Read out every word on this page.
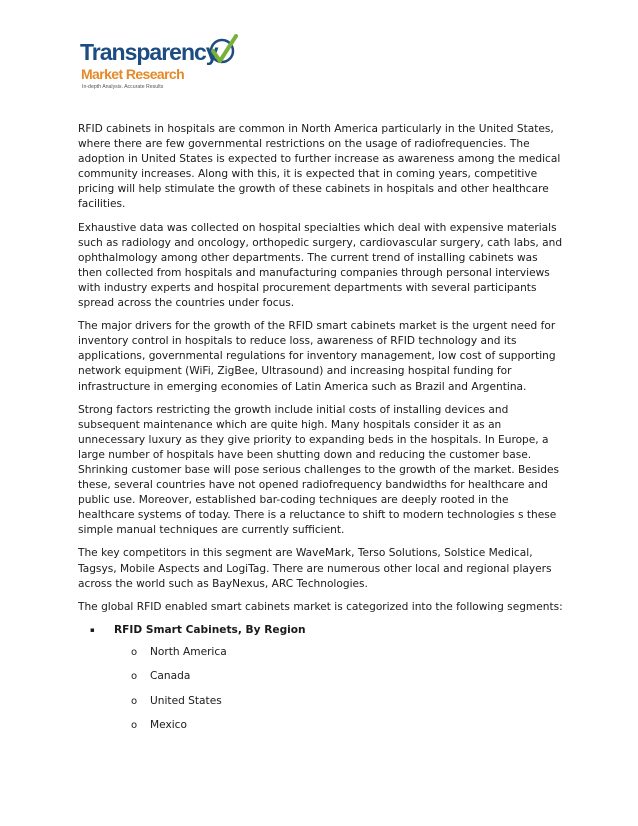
Transparency
Market Research
In-depth Analysis. Accurate Results

RFID cabinets in hospitals are common in North America particularly in the United States, where there are few governmental restrictions on the usage of radiofrequencies. The adoption in United States is expected to further increase as awareness among the medical community increases. Along with this, it is expected that in coming years, competitive pricing will help stimulate the growth of these cabinets in hospitals and other healthcare facilities.

Exhaustive data was collected on hospital specialties which deal with expensive materials such as radiology and oncology, orthopedic surgery, cardiovascular surgery, cath labs, and ophthalmology among other departments. The current trend of installing cabinets was then collected from hospitals and manufacturing companies through personal interviews with industry experts and hospital procurement departments with several participants spread across the countries under focus.

The major drivers for the growth of the RFID smart cabinets market is the urgent need for inventory control in hospitals to reduce loss, awareness of RFID technology and its applications, governmental regulations for inventory management, low cost of supporting network equipment (WiFi, ZigBee, Ultrasound) and increasing hospital funding for infrastructure in emerging economies of Latin America such as Brazil and Argentina.

Strong factors restricting the growth include initial costs of installing devices and subsequent maintenance which are quite high. Many hospitals consider it as an unnecessary luxury as they give priority to expanding beds in the hospitals. In Europe, a large number of hospitals have been shutting down and reducing the customer base. Shrinking customer base will pose serious challenges to the growth of the market. Besides these, several countries have not opened radiofrequency bandwidths for healthcare and public use. Moreover, established bar-coding techniques are deeply rooted in the healthcare systems of today. There is a reluctance to shift to modern technologies s these simple manual techniques are currently sufficient.

The key competitors in this segment are WaveMark, Terso Solutions, Solstice Medical, Tagsys, Mobile Aspects and LogiTag. There are numerous other local and regional players across the world such as BayNexus, ARC Technologies.

The global RFID enabled smart cabinets market is categorized into the following segments:

▪ RFID Smart Cabinets, By Region
o North America
o Canada
o United States
o Mexico
